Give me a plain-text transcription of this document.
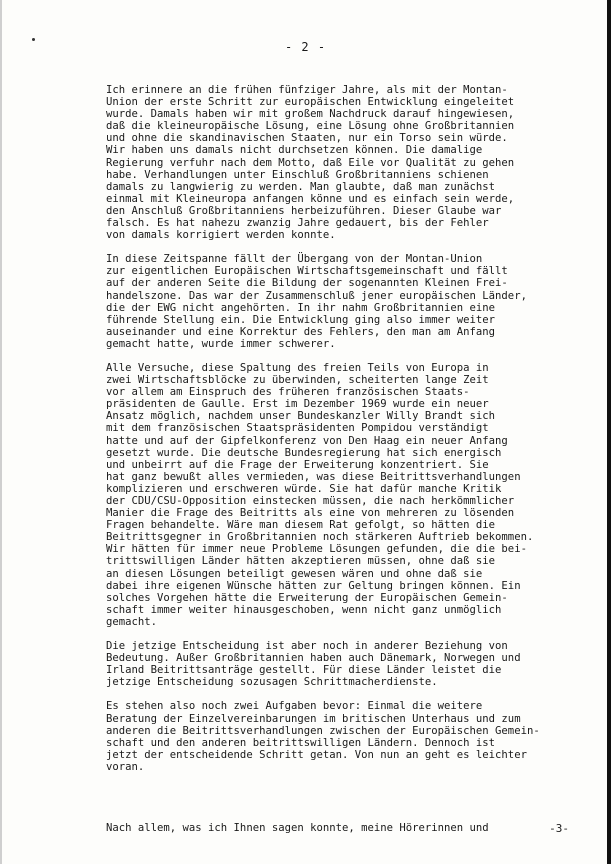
- 2 -
Ich erinnere an die frühen fünfziger Jahre, als mit der Montan-
Union der erste Schritt zur europäischen Entwicklung eingeleitet
wurde. Damals haben wir mit großem Nachdruck darauf hingewiesen,
daß die kleineuropäische Lösung, eine Lösung ohne Großbritannien
und ohne die skandinavischen Staaten, nur ein Torso sein würde.
Wir haben uns damals nicht durchsetzen können. Die damalige
Regierung verfuhr nach dem Motto, daß Eile vor Qualität zu gehen
habe. Verhandlungen unter Einschluß Großbritanniens schienen
damals zu langwierig zu werden. Man glaubte, daß man zunächst
einmal mit Kleineuropa anfangen könne und es einfach sein werde,
den Anschluß Großbritanniens herbeizuführen. Dieser Glaube war
falsch. Es hat nahezu zwanzig Jahre gedauert, bis der Fehler
von damals korrigiert werden konnte.
In diese Zeitspanne fällt der Übergang von der Montan-Union
zur eigentlichen Europäischen Wirtschaftsgemeinschaft und fällt
auf der anderen Seite die Bildung der sogenannten Kleinen Frei-
handelszone. Das war der Zusammenschluß jener europäischen Länder,
die der EWG nicht angehörten. In ihr nahm Großbritannien eine
führende Stellung ein. Die Entwicklung ging also immer weiter
auseinander und eine Korrektur des Fehlers, den man am Anfang
gemacht hatte, wurde immer schwerer.
Alle Versuche, diese Spaltung des freien Teils von Europa in
zwei Wirtschaftsblöcke zu überwinden, scheiterten lange Zeit
vor allem am Einspruch des früheren französischen Staats-
präsidenten de Gaulle. Erst im Dezember 1969 wurde ein neuer
Ansatz möglich, nachdem unser Bundeskanzler Willy Brandt sich
mit dem französischen Staatspräsidenten Pompidou verständigt
hatte und auf der Gipfelkonferenz von Den Haag ein neuer Anfang
gesetzt wurde. Die deutsche Bundesregierung hat sich energisch
und unbeirrt auf die Frage der Erweiterung konzentriert. Sie
hat ganz bewußt alles vermieden, was diese Beitrittsverhandlungen
komplizieren und erschweren würde. Sie hat dafür manche Kritik
der CDU/CSU-Opposition einstecken müssen, die nach herkömmlicher
Manier die Frage des Beitritts als eine von mehreren zu lösenden
Fragen behandelte. Wäre man diesem Rat gefolgt, so hätten die
Beitrittsgegner in Großbritannien noch stärkeren Auftrieb bekommen.
Wir hätten für immer neue Probleme Lösungen gefunden, die die bei-
trittswilligen Länder hätten akzeptieren müssen, ohne daß sie
an diesen Lösungen beteiligt gewesen wären und ohne daß sie
dabei ihre eigenen Wünsche hätten zur Geltung bringen können. Ein
solches Vorgehen hätte die Erweiterung der Europäischen Gemein-
schaft immer weiter hinausgeschoben, wenn nicht ganz unmöglich
gemacht.
Die jetzige Entscheidung ist aber noch in anderer Beziehung von
Bedeutung. Außer Großbritannien haben auch Dänemark, Norwegen und
Irland Beitrittsanträge gestellt. Für diese Länder leistet die
jetzige Entscheidung sozusagen Schrittmacherdienste.
Es stehen also noch zwei Aufgaben bevor: Einmal die weitere
Beratung der Einzelvereinbarungen im britischen Unterhaus und zum
anderen die Beitrittsverhandlungen zwischen der Europäischen Gemein-
schaft und den anderen beitrittswilligen Ländern. Dennoch ist
jetzt der entscheidende Schritt getan. Von nun an geht es leichter
voran.
Nach allem, was ich Ihnen sagen konnte, meine Hörerinnen und	-3-
